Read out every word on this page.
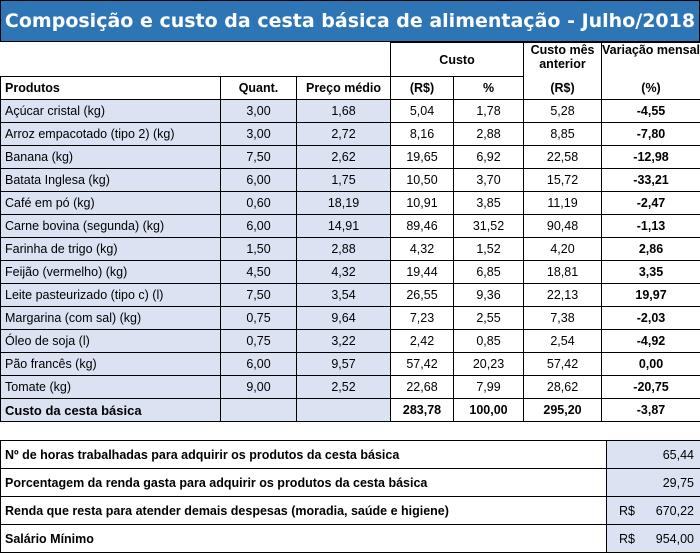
Composição e custo da cesta básica de alimentação - Julho/2018
			Custo		Custo mês anterior	Variação mensal
Produtos	Quant.	Preço médio	(R$)	%	(R$)	(%)
Açúcar cristal (kg)	3,00	1,68	5,04	1,78	5,28	-4,55
Arroz empacotado (tipo 2) (kg)	3,00	2,72	8,16	2,88	8,85	-7,80
Banana (kg)	7,50	2,62	19,65	6,92	22,58	-12,98
Batata Inglesa (kg)	6,00	1,75	10,50	3,70	15,72	-33,21
Café em pó (kg)	0,60	18,19	10,91	3,85	11,19	-2,47
Carne bovina (segunda) (kg)	6,00	14,91	89,46	31,52	90,48	-1,13
Farinha de trigo (kg)	1,50	2,88	4,32	1,52	4,20	2,86
Feijão (vermelho) (kg)	4,50	4,32	19,44	6,85	18,81	3,35
Leite pasteurizado (tipo c) (l)	7,50	3,54	26,55	9,36	22,13	19,97
Margarina (com sal) (kg)	0,75	9,64	7,23	2,55	7,38	-2,03
Óleo de soja (l)	0,75	3,22	2,42	0,85	2,54	-4,92
Pão francês (kg)	6,00	9,57	57,42	20,23	57,42	0,00
Tomate (kg)	9,00	2,52	22,68	7,99	28,62	-20,75
Custo da cesta básica			283,78	100,00	295,20	-3,87
Nº de horas trabalhadas para adquirir os produtos da cesta básica	65,44

Porcentagem da renda gasta para adquirir os produtos da cesta básica	29,75

Renda que resta para atender demais despesas (moradia, saúde e higiene)	R$ 670,22

Salário Mínimo	R$ 954,00
